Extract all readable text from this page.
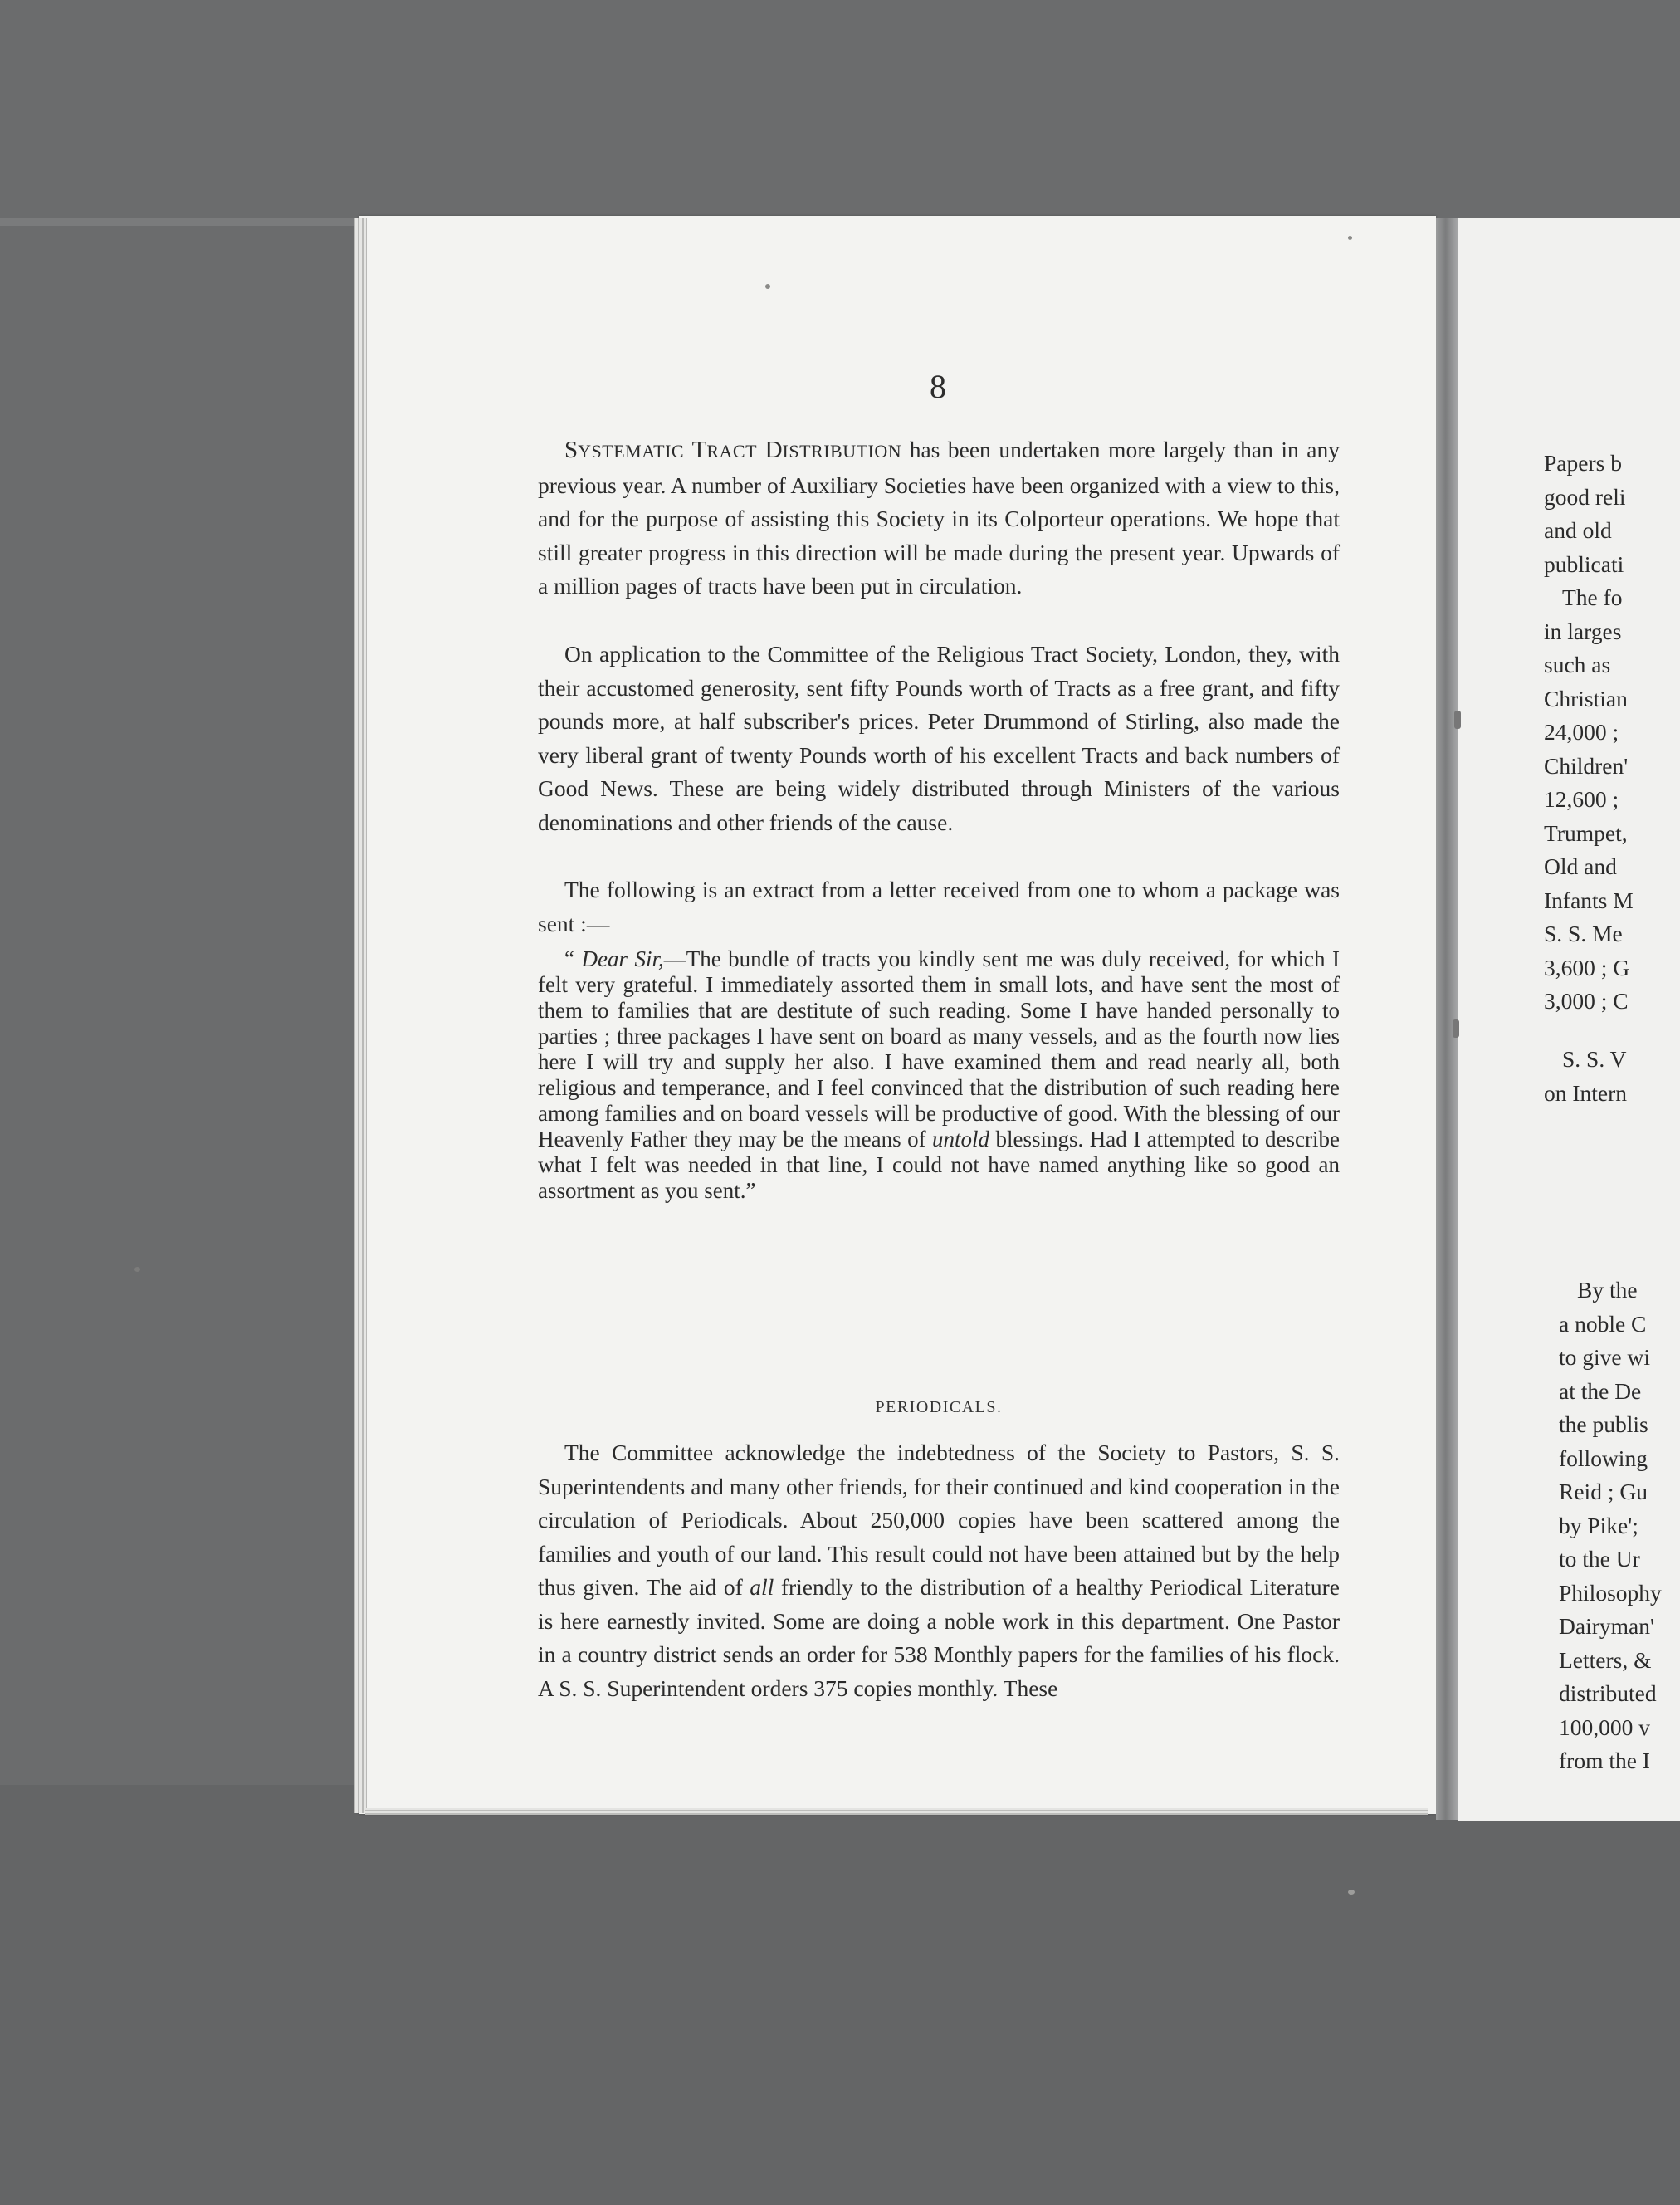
8

SYSTEMATIC TRACT DISTRIBUTION has been undertaken more largely than in any previous year. A number of Auxiliary Societies have been organized with a view to this, and for the purpose of assisting this Society in its Colporteur operations. We hope that still greater progress in this direction will be made during the present year. Upwards of a million pages of tracts have been put in circulation.

On application to the Committee of the Religious Tract Society, London, they, with their accustomed generosity, sent fifty Pounds worth of Tracts as a free grant, and fifty pounds more, at half subscriber's prices. Peter Drummond of Stirling, also made the very liberal grant of twenty Pounds worth of his excellent Tracts and back numbers of Good News. These are being widely distributed through Ministers of the various denominations and other friends of the cause.

The following is an extract from a letter received from one to whom a package was sent :—

“ Dear Sir,—The bundle of tracts you kindly sent me was duly received, for which I felt very grateful. I immediately assorted them in small lots, and have sent the most of them to families that are destitute of such reading. Some I have handed personally to parties ; three packages I have sent on board as many vessels, and as the fourth now lies here I will try and supply her also. I have examined them and read nearly all, both religious and temperance, and I feel convinced that the distribution of such reading here among families and on board vessels will be productive of good. With the blessing of our Heavenly Father they may be the means of untold blessings. Had I attempted to describe what I felt was needed in that line, I could not have named anything like so good an assortment as you sent.”

PERIODICALS.

The Committee acknowledge the indebtedness of the Society to Pastors, S. S. Superintendents and many other friends, for their continued and kind cooperation in the circulation of Periodicals. About 250,000 copies have been scattered among the families and youth of our land. This result could not have been attained but by the help thus given. The aid of all friendly to the distribution of a healthy Periodical Literature is here earnestly invited. Some are doing a noble work in this department. One Pastor in a country district sends an order for 538 Monthly papers for the families of his flock. A S. S. Superintendent orders 375 copies monthly. These

Papers b
good reli
and old
publicati
The fo
in larges
such as
Christian
24,000 ;
Children'
12,600 ;
Trumpet,
Old and
Infants M
S. S. Me
3,600 ; G
3,000 ; C
S. S. V
on Intern
By the
a noble C
to give wi
at the De
the publis
following
Reid ; Gu
by Pike';
to the Ur
Philosophy
Dairyman'
Letters, &
distributed
100,000 v
from the I
